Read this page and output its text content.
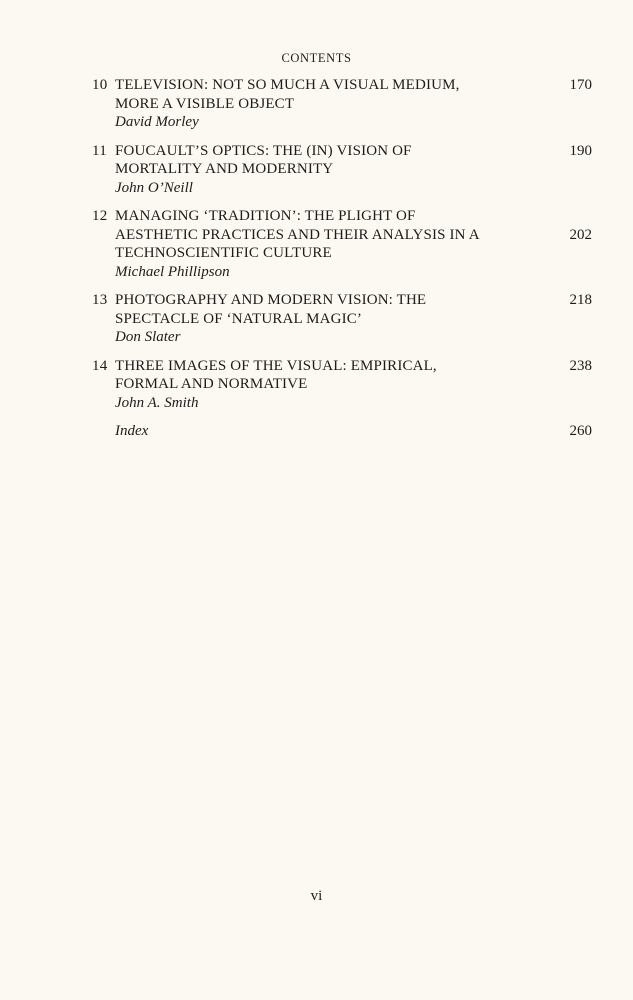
CONTENTS
10 TELEVISION: NOT SO MUCH A VISUAL MEDIUM,
MORE A VISIBLE OBJECT
170
David Morley
11 FOUCAULT’S OPTICS: THE (IN) VISION OF
MORTALITY AND MODERNITY
190
John O’Neill
12 MANAGING ‘TRADITION’: THE PLIGHT OF
AESTHETIC PRACTICES AND THEIR ANALYSIS IN A
TECHNOSCIENTIFIC CULTURE
202
Michael Phillipson
13 PHOTOGRAPHY AND MODERN VISION: THE
SPECTACLE OF ‘NATURAL MAGIC’
218
Don Slater
14 THREE IMAGES OF THE VISUAL: EMPIRICAL,
FORMAL AND NORMATIVE
238
John A. Smith
Index	260
vi
